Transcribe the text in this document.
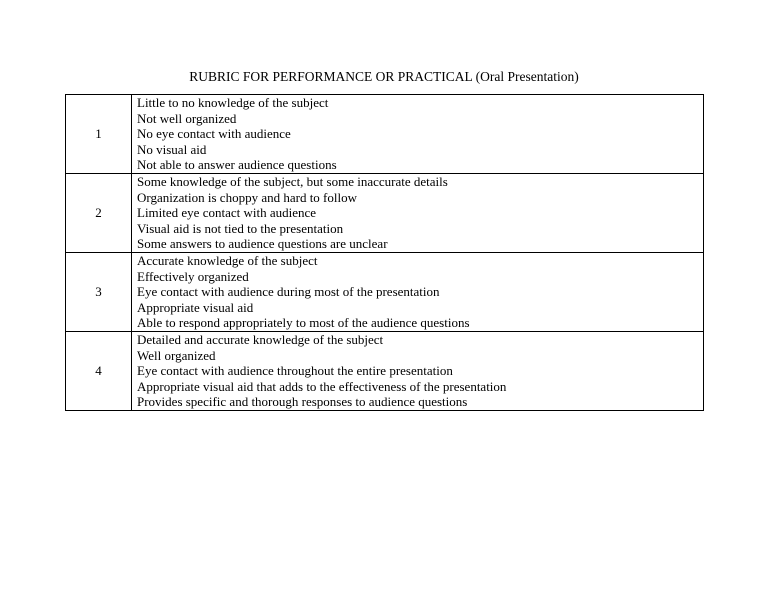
RUBRIC FOR PERFORMANCE OR PRACTICAL (Oral Presentation)
1	Little to no knowledge of the subject
Not well organized
No eye contact with audience
No visual aid
Not able to answer audience questions

2	Some knowledge of the subject, but some inaccurate details
Organization is choppy and hard to follow
Limited eye contact with audience
Visual aid is not tied to the presentation
Some answers to audience questions are unclear

3	Accurate knowledge of the subject
Effectively organized
Eye contact with audience during most of the presentation
Appropriate visual aid
Able to respond appropriately to most of the audience questions

4	Detailed and accurate knowledge of the subject
Well organized
Eye contact with audience throughout the entire presentation
Appropriate visual aid that adds to the effectiveness of the presentation
Provides specific and thorough responses to audience questions
